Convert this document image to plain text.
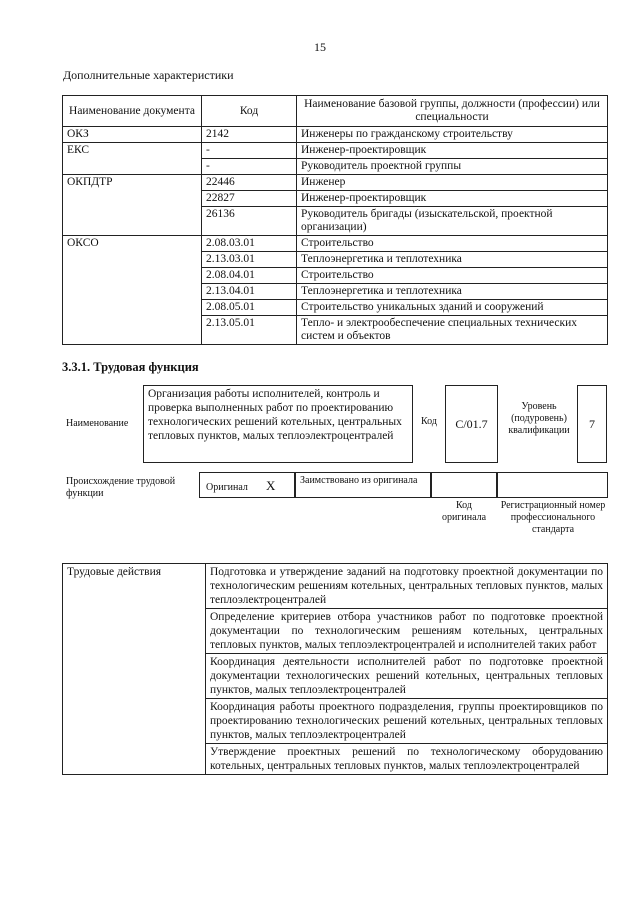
15
Дополнительные характеристики
Наименование документа	Код	Наименование базовой группы, должности (профессии) или специальности
ОКЗ	2142	Инженеры по гражданскому строительству
ЕКС	-	Инженер-проектировщик
	-	Руководитель проектной группы
ОКПДТР	22446	Инженер
	22827	Инженер-проектировщик
	26136	Руководитель бригады (изыскательской, проектной организации)
ОКСО	2.08.03.01	Строительство
	2.13.03.01	Теплоэнергетика и теплотехника
	2.08.04.01	Строительство
	2.13.04.01	Теплоэнергетика и теплотехника
	2.08.05.01	Строительство уникальных зданий и сооружений
	2.13.05.01	Тепло- и электрообеспечение специальных технических систем и объектов
3.3.1. Трудовая функция
Наименование
Организация работы исполнителей, контроль и проверка выполненных работ по проектированию технологических решений котельных, центральных тепловых пунктов, малых теплоэлектроцентралей
Код	С/01.7
Уровень (подуровень) квалификации	7
Происхождение трудовой функции
Оригинал X	Заимствовано из оригинала
Код оригинала
Регистрационный номер профессионального стандарта
Трудовые действия	Подготовка и утверждение заданий на подготовку проектной документации по технологическим решениям котельных, центральных тепловых пунктов, малых теплоэлектроцентралей
Определение критериев отбора участников работ по подготовке проектной документации по технологическим решениям котельных, центральных тепловых пунктов, малых теплоэлектроцентралей и исполнителей таких работ
Координация деятельности исполнителей работ по подготовке проектной документации технологических решений котельных, центральных тепловых пунктов, малых теплоэлектроцентралей
Координация работы проектного подразделения, группы проектировщиков по проектированию технологических решений котельных, центральных тепловых пунктов, малых теплоэлектроцентралей
Утверждение проектных решений по технологическому оборудованию котельных, центральных тепловых пунктов, малых теплоэлектроцентралей
